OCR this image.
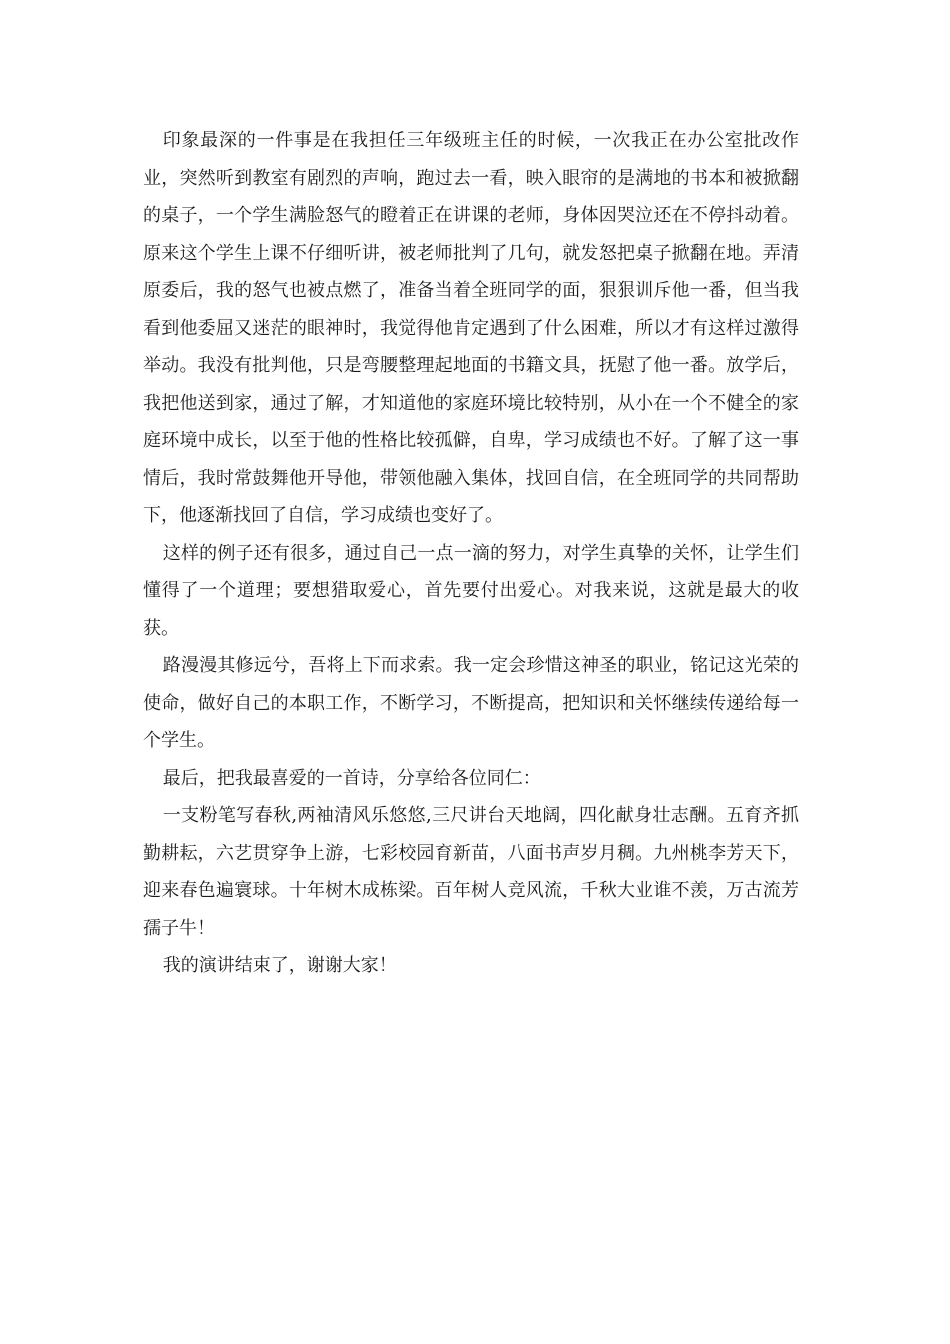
印象最深的一件事是在我担任三年级班主任的时候，一次我正在办公室批改作业，突然听到教室有剧烈的声响，跑过去一看，映入眼帘的是满地的书本和被掀翻的桌子，一个学生满脸怒气的瞪着正在讲课的老师，身体因哭泣还在不停抖动着。原来这个学生上课不仔细听讲，被老师批判了几句，就发怒把桌子掀翻在地。弄清原委后，我的怒气也被点燃了，准备当着全班同学的面，狠狠训斥他一番，但当我看到他委屈又迷茫的眼神时，我觉得他肯定遇到了什么困难，所以才有这样过激得举动。我没有批判他，只是弯腰整理起地面的书籍文具，抚慰了他一番。放学后，我把他送到家，通过了解，才知道他的家庭环境比较特别，从小在一个不健全的家庭环境中成长，以至于他的性格比较孤僻，自卑，学习成绩也不好。了解了这一事情后，我时常鼓舞他开导他，带领他融入集体，找回自信，在全班同学的共同帮助下，他逐渐找回了自信，学习成绩也变好了。

这样的例子还有很多，通过自己一点一滴的努力，对学生真挚的关怀，让学生们懂得了一个道理；要想猎取爱心，首先要付出爱心。对我来说，这就是最大的收获。

路漫漫其修远兮，吾将上下而求索。我一定会珍惜这神圣的职业，铭记这光荣的使命，做好自己的本职工作，不断学习，不断提高，把知识和关怀继续传递给每一个学生。

最后，把我最喜爱的一首诗，分享给各位同仁：

一支粉笔写春秋,两袖清风乐悠悠,三尺讲台天地阔，四化献身壮志酬。五育齐抓勤耕耘，六艺贯穿争上游，七彩校园育新苗，八面书声岁月稠。九州桃李芳天下，迎来春色遍寰球。十年树木成栋梁。百年树人竞风流，千秋大业谁不羡，万古流芳孺子牛！

我的演讲结束了，谢谢大家！
